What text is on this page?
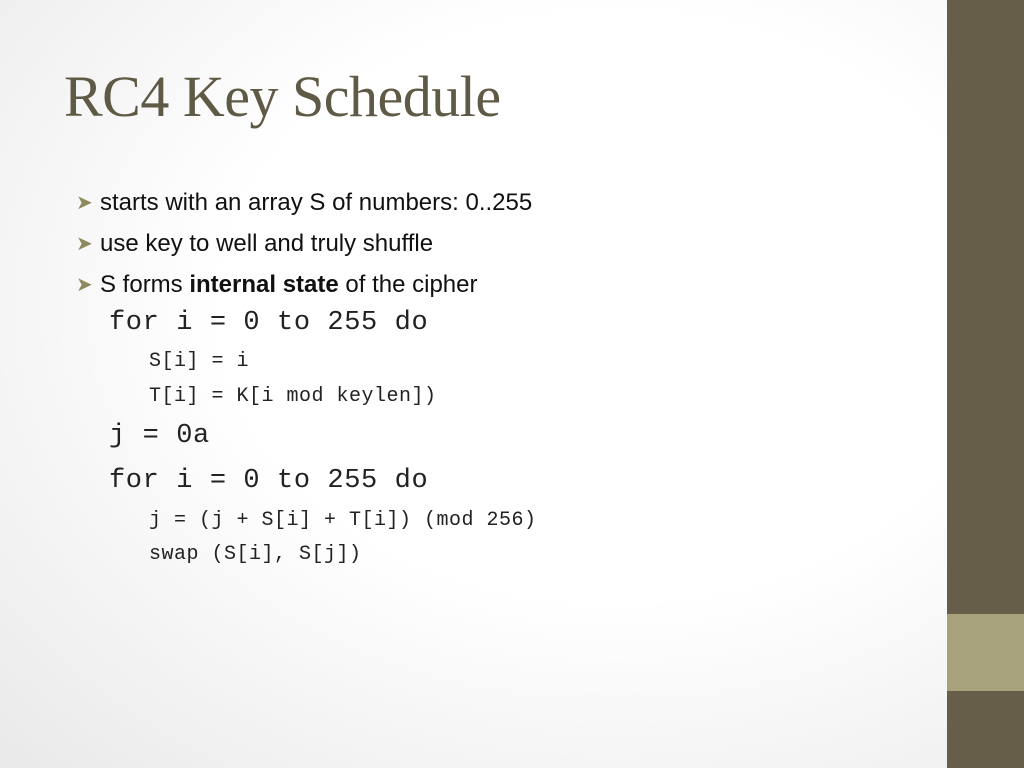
RC4 Key Schedule
➤ starts with an array S of numbers: 0..255
➤ use key to well and truly shuffle
➤ S forms internal state of the cipher
for i = 0 to 255 do
S[i] = i
T[i] = K[i mod keylen])
j = 0a
for i = 0 to 255 do
j = (j + S[i] + T[i]) (mod 256)
swap (S[i], S[j])
